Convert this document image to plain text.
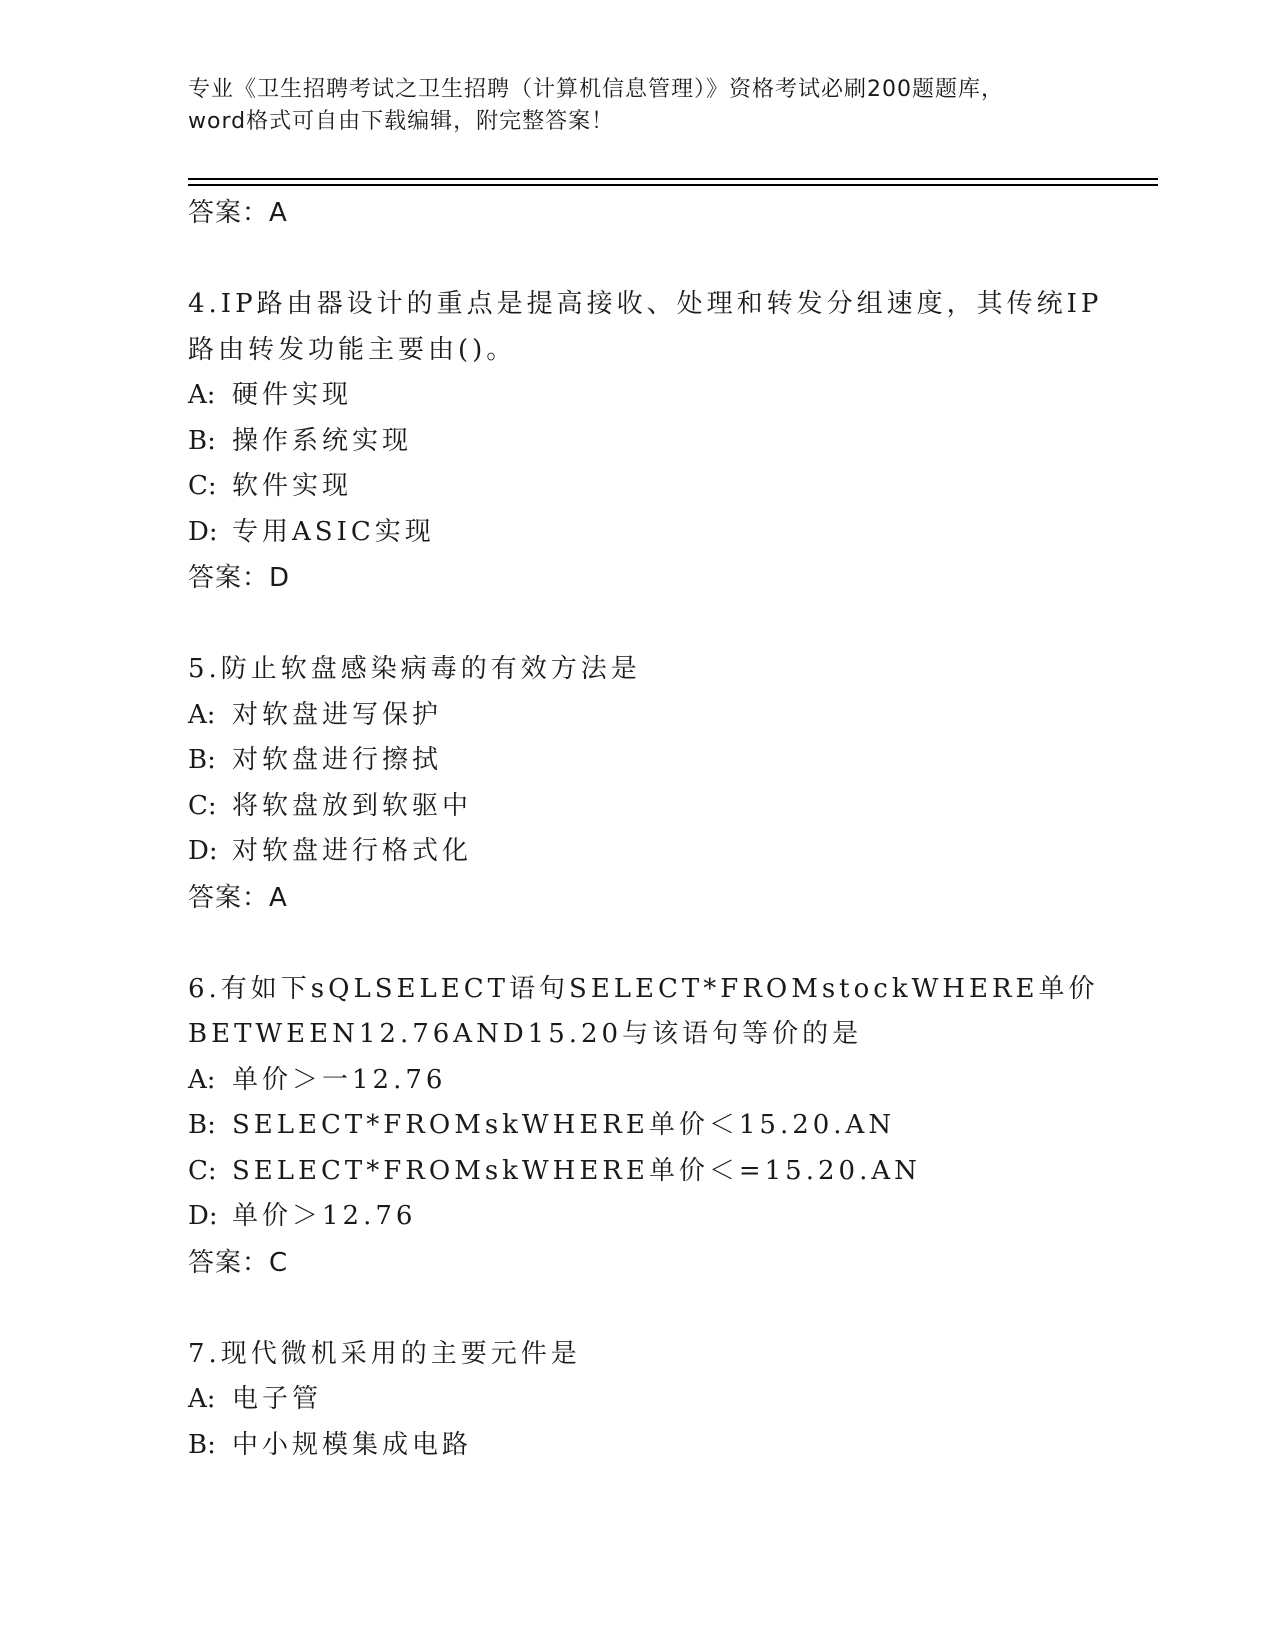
专业《卫生招聘考试之卫生招聘（计算机信息管理）》资格考试必刷200题题库，
word格式可自由下载编辑，附完整答案！
答案：A
4.IP路由器设计的重点是提高接收、处理和转发分组速度，其传统IP
路由转发功能主要由()。
A: 硬件实现
B: 操作系统实现
C: 软件实现
D: 专用ASIC实现
答案：D
5.防止软盘感染病毒的有效方法是
A: 对软盘进写保护
B: 对软盘进行擦拭
C: 将软盘放到软驱中
D: 对软盘进行格式化
答案：A
6.有如下sQLSELECT语句SELECT*FROMstockWHERE单价
BETWEEN12.76AND15.20与该语句等价的是
A: 单价＞一12.76
B: SELECT*FROMskWHERE单价＜15.20.AN
C: SELECT*FROMskWHERE单价＜=15.20.AN
D: 单价＞12.76
答案：C
7.现代微机采用的主要元件是
A: 电子管
B: 中小规模集成电路
